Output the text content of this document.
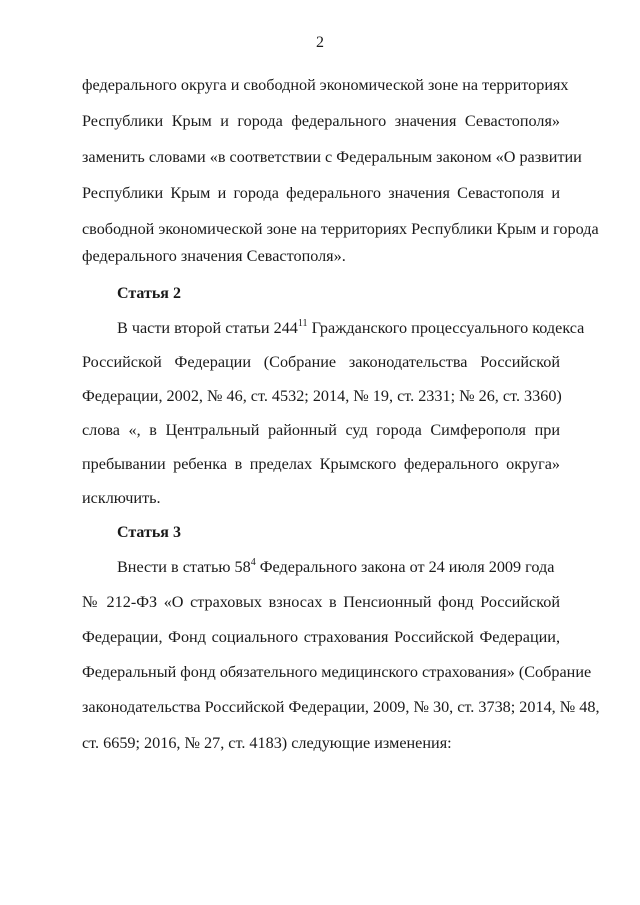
2
федерального округа и свободной экономической зоне на территориях
Республики Крым и города федерального значения Севастополя»
заменить словами «в соответствии с Федеральным законом «О развитии
Республики Крым и города федерального значения Севастополя и
свободной экономической зоне на территориях Республики Крым и города
федерального значения Севастополя».
Статья 2
В части второй статьи $244^{11}$ Гражданского процессуального кодекса
Российской Федерации (Собрание законодательства Российской
Федерации, 2002, № 46, ст. 4532; 2014, № 19, ст. 2331; № 26, ст. 3360)
слова «, в Центральный районный суд города Симферополя при
пребывании ребенка в пределах Крымского федерального округа»
исключить.
Статья 3
Внести в статью $58^4$ Федерального закона от 24 июля 2009 года
№ 212-ФЗ «О страховых взносах в Пенсионный фонд Российской
Федерации, Фонд социального страхования Российской Федерации,
Федеральный фонд обязательного медицинского страхования» (Собрание
законодательства Российской Федерации, 2009, № 30, ст. 3738; 2014, № 48,
ст. 6659; 2016, № 27, ст. 4183) следующие изменения:
